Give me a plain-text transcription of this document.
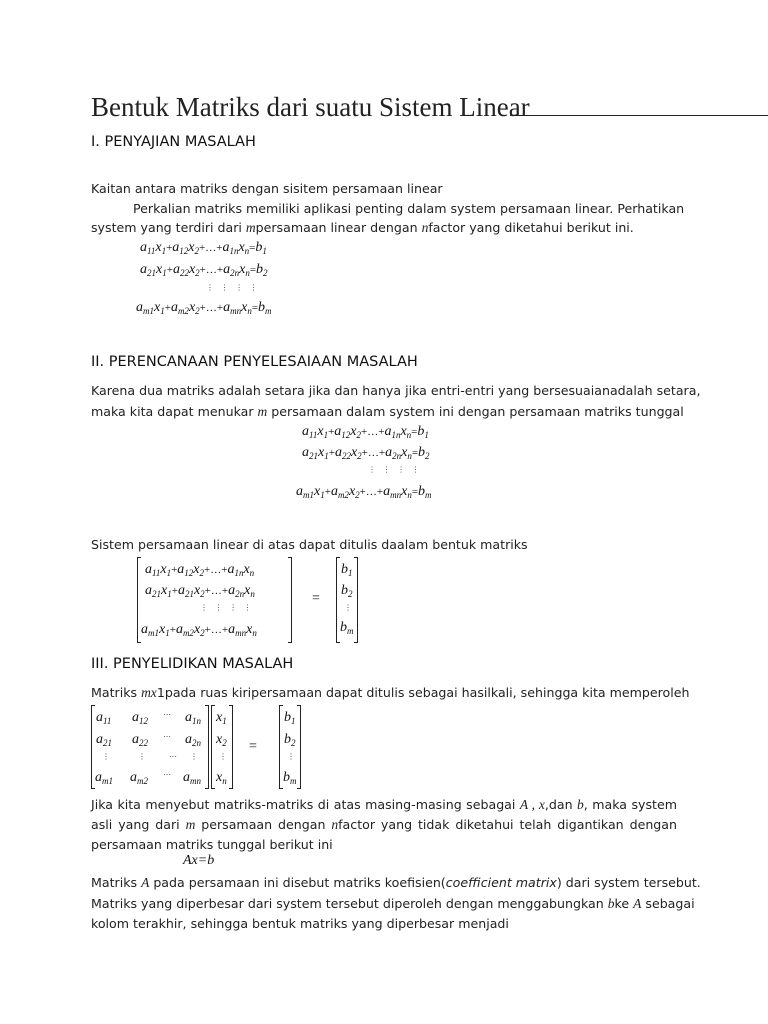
Bentuk Matriks dari suatu Sistem Linear
I. PENYAJIAN MASALAH
Kaitan antara matriks dengan sisitem persamaan linear
Perkalian matriks memiliki aplikasi penting dalam system persamaan linear. Perhatikan
system yang terdiri dari mpersamaan linear dengan nfactor yang diketahui berikut ini.
$a_{11}x_1+a_{12}x_2+\dots+a_{1n}x_n=b_1$
$a_{21}x_1+a_{22}x_2+\dots+a_{2n}x_n=b_2$
⋮ ⋮ ⋮ ⋮
$a_{m1}x_1+a_{m2}x_2+\dots+a_{mn}x_n=b_m$
II. PERENCANAAN PENYELESAIAAN MASALAH
Karena dua matriks adalah setara jika dan hanya jika entri-entri yang bersesuaianadalah setara,
maka kita dapat menukar m persamaan dalam system ini dengan persamaan matriks tunggal
$a_{11}x_1+a_{12}x_2+\dots+a_{1n}x_n=b_1$
$a_{21}x_1+a_{22}x_2+\dots+a_{2n}x_n=b_2$
⋮ ⋮ ⋮ ⋮
$a_{m1}x_1+a_{m2}x_2+\dots+a_{mn}x_n=b_m$
Sistem persamaan linear di atas dapat ditulis daalam bentuk matriks
$a_{11}x_1+a_{12}x_2+\dots+a_{1n}x_n$
$a_{21}x_1+a_{21}x_2+\dots+a_{2n}x_n$
⋮ ⋮ ⋮ ⋮
$a_{m1}x_1+a_{m2}x_2+\dots+a_{mn}x_n$
=
$b_1$
$b_2$
⋮
$b_m$
III. PENYELIDIKAN MASALAH
Matriks mx1pada ruas kiripersamaan dapat ditulis sebagai hasilkali, sehingga kita memperoleh
$a_{11}$ $a_{12}$
⋯ $a_{1n}$
$a_{21}$ $a_{22}$
⋯ $a_{2n}$
⋮	⋮	⋯ ⋮
$a_{m1}$ $a_{m2}$
⋯ $a_{mn}$
$x_1$
$x_2$
⋮
$x_n$
=
$b_1$
$b_2$
⋮
$b_m$
Jika kita menyebut matriks-matriks di atas masing-masing sebagai A , x,dan b, maka system
asli yang dari m persamaan dengan nfactor yang tidak diketahui telah digantikan dengan
persamaan matriks tunggal berikut ini
Ax=b
Matriks A pada persamaan ini disebut matriks koefisien(coefficient matrix) dari system tersebut.
Matriks yang diperbesar dari system tersebut diperoleh dengan menggabungkan bke A sebagai
kolom terakhir, sehingga bentuk matriks yang diperbesar menjadi
